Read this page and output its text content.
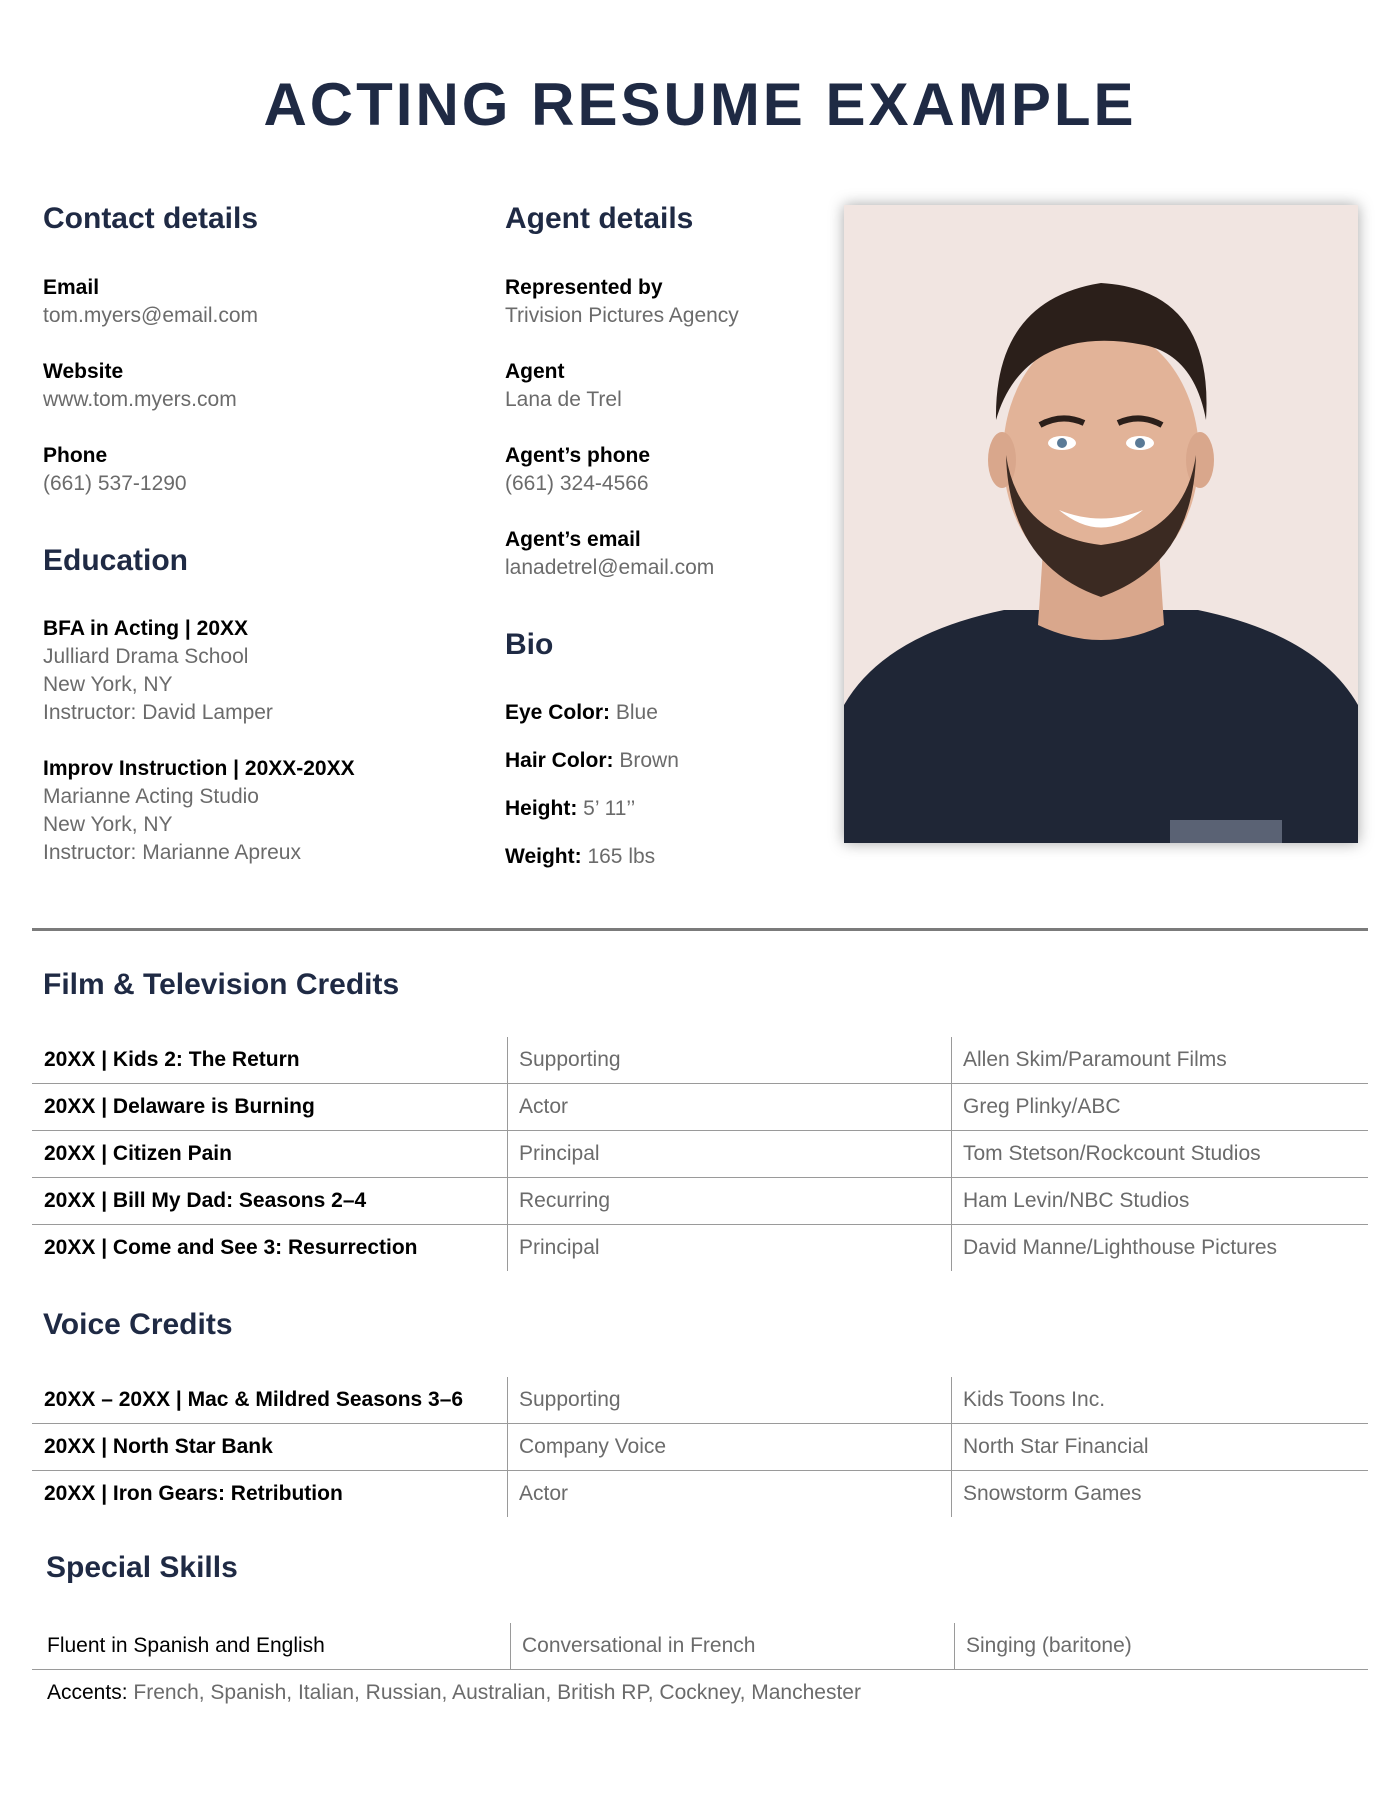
ACTING RESUME EXAMPLE
Contact details
Email
tom.myers@email.com
Website
www.tom.myers.com
Phone
(661) 537-1290
Education
BFA in Acting | 20XX
Julliard Drama School
New York, NY
Instructor: David Lamper
Improv Instruction | 20XX-20XX
Marianne Acting Studio
New York, NY
Instructor: Marianne Apreux
Agent details
Represented by
Trivision Pictures Agency
Agent
Lana de Trel
Agent’s phone
(661) 324-4566
Agent’s email
lanadetrel@email.com
Bio
Eye Color: Blue
Hair Color: Brown
Height: 5’ 11’’
Weight: 165 lbs
Film & Television Credits
20XX | Kids 2: The Return	Supporting	Allen Skim/Paramount Films
20XX | Delaware is Burning	Actor	Greg Plinky/ABC
20XX | Citizen Pain	Principal	Tom Stetson/Rockcount Studios
20XX | Bill My Dad: Seasons 2–4	Recurring	Ham Levin/NBC Studios
20XX | Come and See 3: Resurrection	Principal	David Manne/Lighthouse Pictures
Voice Credits
20XX – 20XX | Mac & Mildred Seasons 3–6	Supporting	Kids Toons Inc.
20XX | North Star Bank	Company Voice	North Star Financial
20XX | Iron Gears: Retribution	Actor	Snowstorm Games
Special Skills
Fluent in Spanish and English	Conversational in French	Singing (baritone)
Accents: French, Spanish, Italian, Russian, Australian, British RP, Cockney, Manchester
